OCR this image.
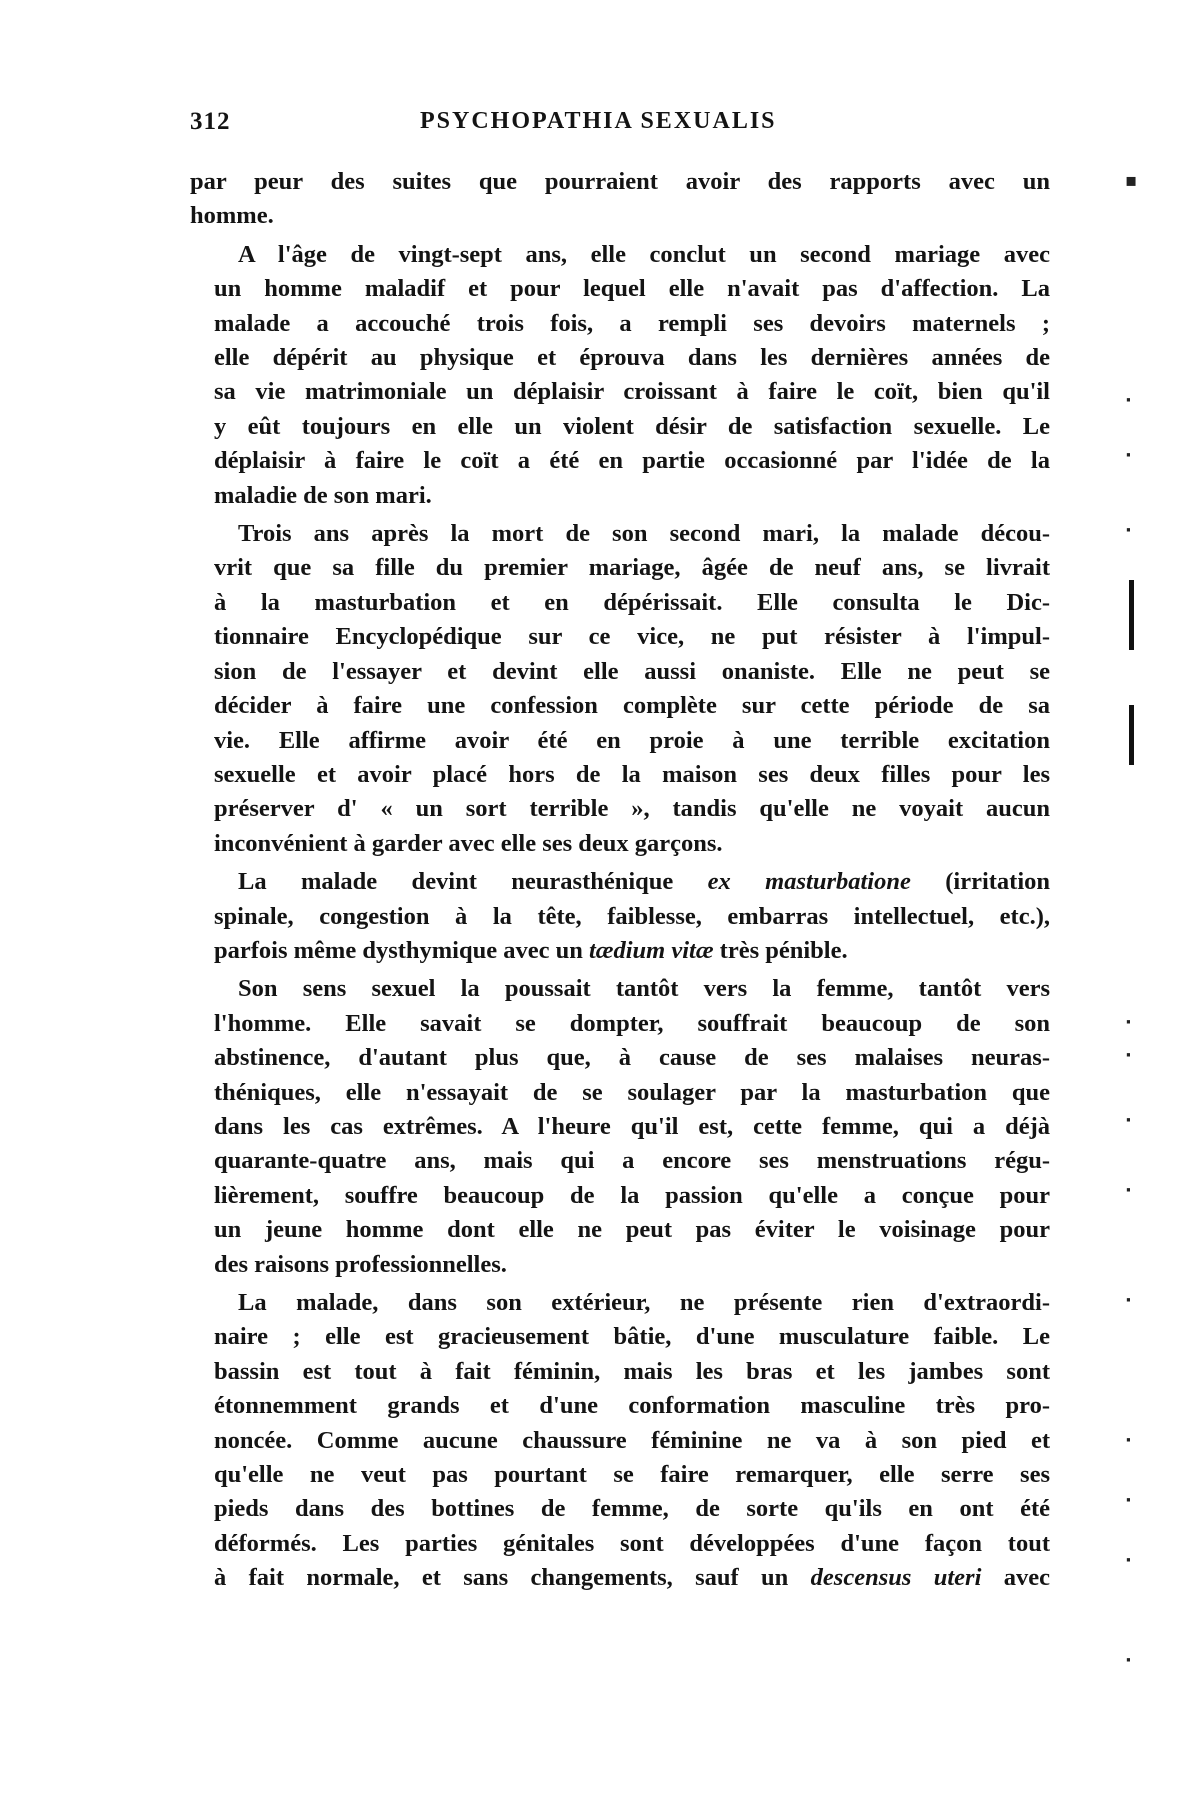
312	PSYCHOPATHIA SEXUALIS

par peur des suites que pourraient avoir des rapports avec un
homme.

A l'âge de vingt-sept ans, elle conclut un second mariage avec
un homme maladif et pour lequel elle n'avait pas d'affection. La
malade a accouché trois fois, a rempli ses devoirs maternels ;
elle dépérit au physique et éprouva dans les dernières années de
sa vie matrimoniale un déplaisir croissant à faire le coït, bien qu'il
y eût toujours en elle un violent désir de satisfaction sexuelle. Le
déplaisir à faire le coït a été en partie occasionné par l'idée de la
maladie de son mari.

Trois ans après la mort de son second mari, la malade décou-
vrit que sa fille du premier mariage, âgée de neuf ans, se livrait
à la masturbation et en dépérissait. Elle consulta le Dic-
tionnaire Encyclopédique sur ce vice, ne put résister à l'impul-
sion de l'essayer et devint elle aussi onaniste. Elle ne peut se
décider à faire une confession complète sur cette période de sa
vie. Elle affirme avoir été en proie à une terrible excitation
sexuelle et avoir placé hors de la maison ses deux filles pour les
préserver d' « un sort terrible », tandis qu'elle ne voyait aucun
inconvénient à garder avec elle ses deux garçons.

La malade devint neurasthénique ex masturbatione (irritation
spinale, congestion à la tête, faiblesse, embarras intellectuel, etc.),
parfois même dysthymique avec un tædium vitæ très pénible.

Son sens sexuel la poussait tantôt vers la femme, tantôt vers
l'homme. Elle savait se dompter, souffrait beaucoup de son
abstinence, d'autant plus que, à cause de ses malaises neuras-
théniques, elle n'essayait de se soulager par la masturbation que
dans les cas extrêmes. A l'heure qu'il est, cette femme, qui a déjà
quarante-quatre ans, mais qui a encore ses menstruations régu-
lièrement, souffre beaucoup de la passion qu'elle a conçue pour
un jeune homme dont elle ne peut pas éviter le voisinage pour
des raisons professionnelles.

La malade, dans son extérieur, ne présente rien d'extraordi-
naire ; elle est gracieusement bâtie, d'une musculature faible. Le
bassin est tout à fait féminin, mais les bras et les jambes sont
étonnemment grands et d'une conformation masculine très pro-
noncée. Comme aucune chaussure féminine ne va à son pied et
qu'elle ne veut pas pourtant se faire remarquer, elle serre ses
pieds dans des bottines de femme, de sorte qu'ils en ont été
déformés. Les parties génitales sont développées d'une façon tout
à fait normale, et sans changements, sauf un descensus uteri avec

▪
·
·
·
·
·
·
·
·
·
·
·
·
